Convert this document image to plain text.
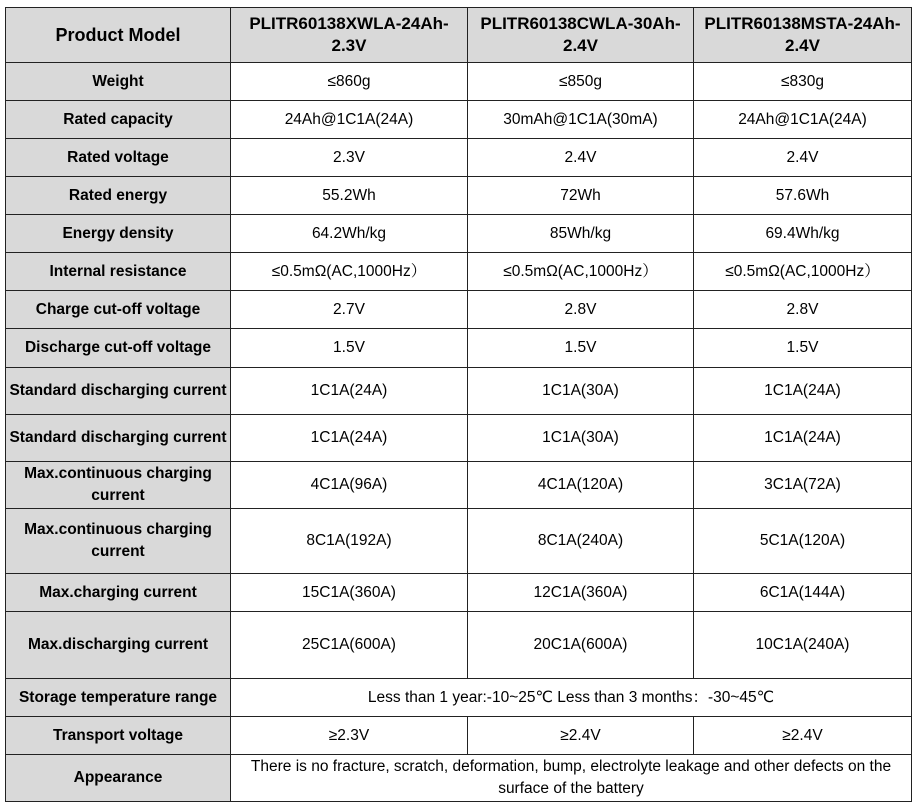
Product Model	PLITR60138XWLA-24Ah-2.3V	PLITR60138CWLA-30Ah-2.4V	PLITR60138MSTA-24Ah-2.4V
Weight	≤860g	≤850g	≤830g
Rated capacity	24Ah@1C1A(24A)	30mAh@1C1A(30mA)	24Ah@1C1A(24A)
Rated voltage	2.3V	2.4V	2.4V
Rated energy	55.2Wh	72Wh	57.6Wh
Energy density	64.2Wh/kg	85Wh/kg	69.4Wh/kg
Internal resistance	≤0.5mΩ(AC,1000Hz）	≤0.5mΩ(AC,1000Hz）	≤0.5mΩ(AC,1000Hz）
Charge cut-off voltage	2.7V	2.8V	2.8V
Discharge cut-off voltage	1.5V	1.5V	1.5V
Standard discharging current	1C1A(24A)	1C1A(30A)	1C1A(24A)
Standard discharging current	1C1A(24A)	1C1A(30A)	1C1A(24A)
Max.continuous charging current	4C1A(96A)	4C1A(120A)	3C1A(72A)
Max.continuous charging current	8C1A(192A)	8C1A(240A)	5C1A(120A)
Max.charging current	15C1A(360A)	12C1A(360A)	6C1A(144A)
Max.discharging current	25C1A(600A)	20C1A(600A)	10C1A(240A)
Storage temperature range	Less than 1 year:-10~25℃ Less than 3 months：-30~45℃		
Transport voltage	≥2.3V	≥2.4V	≥2.4V
Appearance	There is no fracture, scratch, deformation, bump, electrolyte leakage and other defects on the surface of the battery		
